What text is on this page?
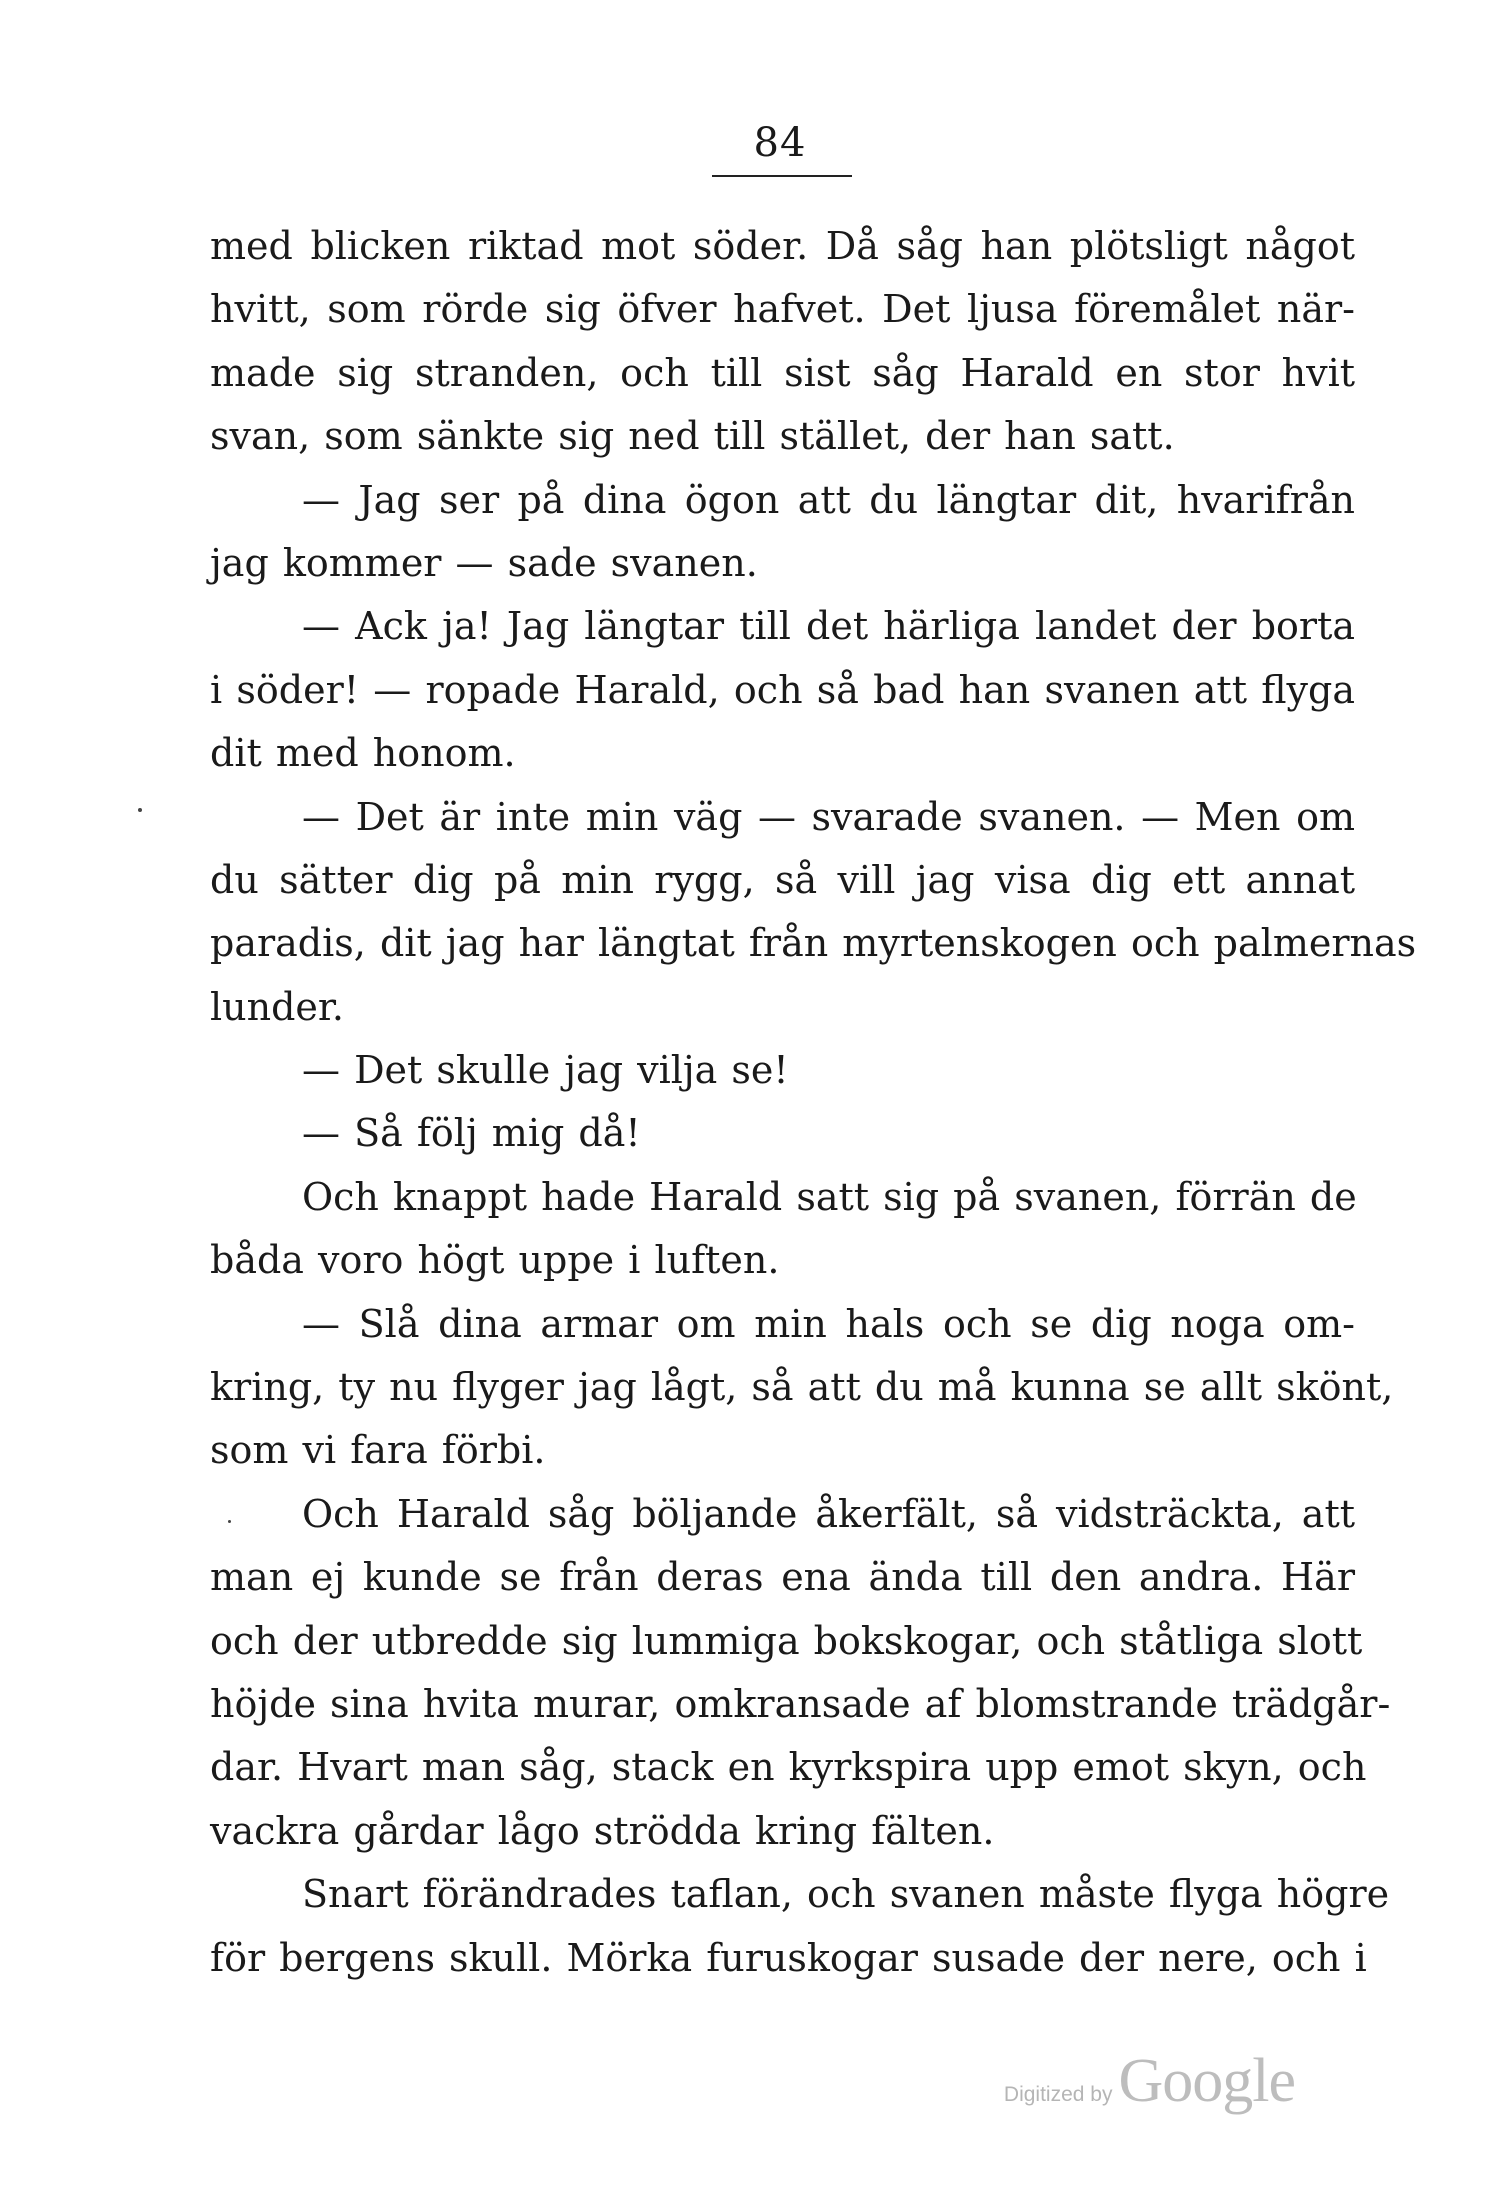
84
med blicken riktad mot söder. Då såg han plötsligt något
hvitt, som rörde sig öfver hafvet. Det ljusa föremålet när-
made sig stranden, och till sist såg Harald en stor hvit
svan, som sänkte sig ned till stället, der han satt.
— Jag ser på dina ögon att du längtar dit, hvarifrån
jag kommer — sade svanen.
— Ack ja! Jag längtar till det härliga landet der borta
i söder! — ropade Harald, och så bad han svanen att flyga
dit med honom.
— Det är inte min väg — svarade svanen. — Men om
du sätter dig på min rygg, så vill jag visa dig ett annat
paradis, dit jag har längtat från myrtenskogen och palmernas
lunder.
— Det skulle jag vilja se!
— Så följ mig då!
Och knappt hade Harald satt sig på svanen, förrän de
båda voro högt uppe i luften.
— Slå dina armar om min hals och se dig noga om-
kring, ty nu flyger jag lågt, så att du må kunna se allt skönt,
som vi fara förbi.
Och Harald såg böljande åkerfält, så vidsträckta, att
man ej kunde se från deras ena ända till den andra. Här
och der utbredde sig lummiga bokskogar, och ståtliga slott
höjde sina hvita murar, omkransade af blomstrande trädgår-
dar. Hvart man såg, stack en kyrkspira upp emot skyn, och
vackra gårdar lågo strödda kring fälten.
Snart förändrades taflan, och svanen måste flyga högre
för bergens skull. Mörka furuskogar susade der nere, och i
Digitized by Google
